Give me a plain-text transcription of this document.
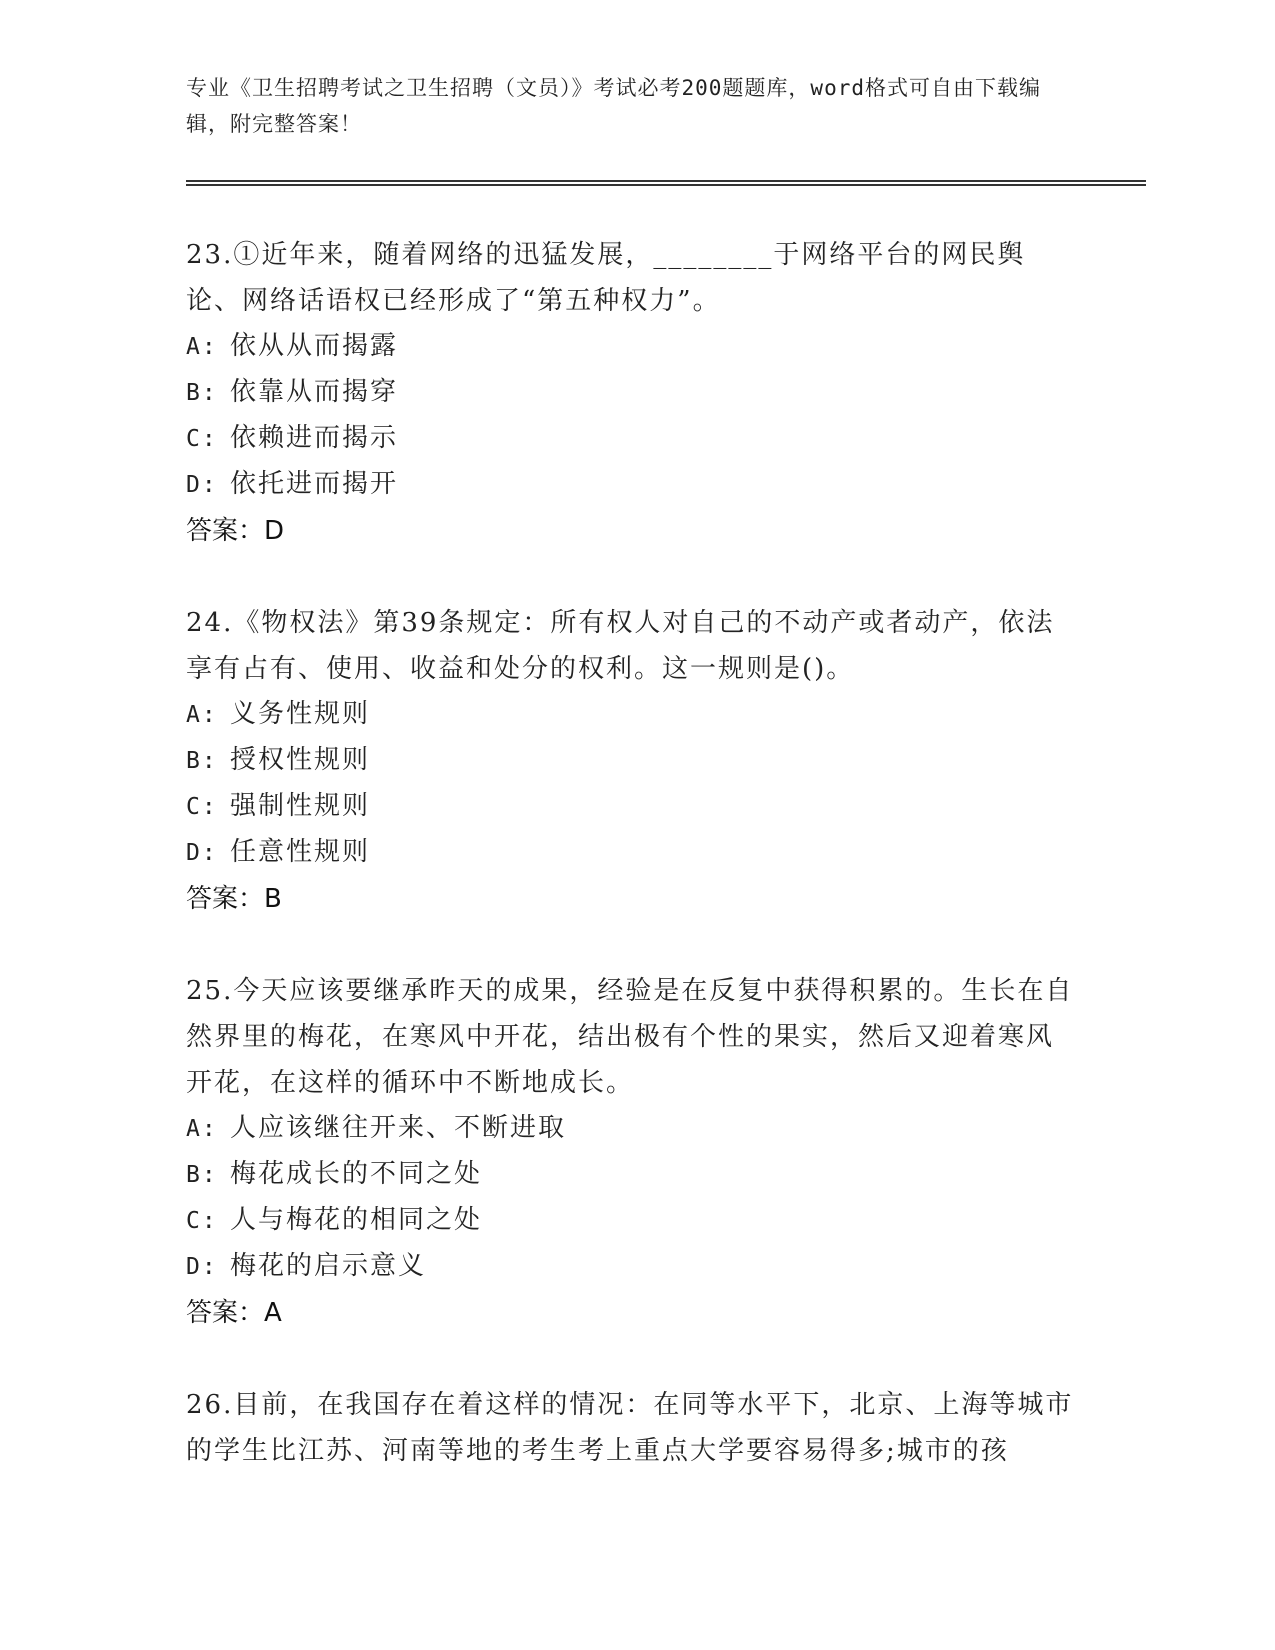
专业《卫生招聘考试之卫生招聘（文员）》考试必考200题题库，word格式可自由下载编辑，附完整答案！

23.①近年来，随着网络的迅猛发展，________于网络平台的网民舆论、网络话语权已经形成了“第五种权力”。

A: 依从从而揭露
B: 依靠从而揭穿
C: 依赖进而揭示
D: 依托进而揭开
答案：D

24.《物权法》第39条规定：所有权人对自己的不动产或者动产，依法享有占有、使用、收益和处分的权利。这一规则是()。

A: 义务性规则
B: 授权性规则
C: 强制性规则
D: 任意性规则
答案：B

25.今天应该要继承昨天的成果，经验是在反复中获得积累的。生长在自然界里的梅花，在寒风中开花，结出极有个性的果实，然后又迎着寒风开花，在这样的循环中不断地成长。

A: 人应该继往开来、不断进取
B: 梅花成长的不同之处
C: 人与梅花的相同之处
D: 梅花的启示意义
答案：A

26.目前，在我国存在着这样的情况：在同等水平下，北京、上海等城市的学生比江苏、河南等地的考生考上重点大学要容易得多;城市的孩
